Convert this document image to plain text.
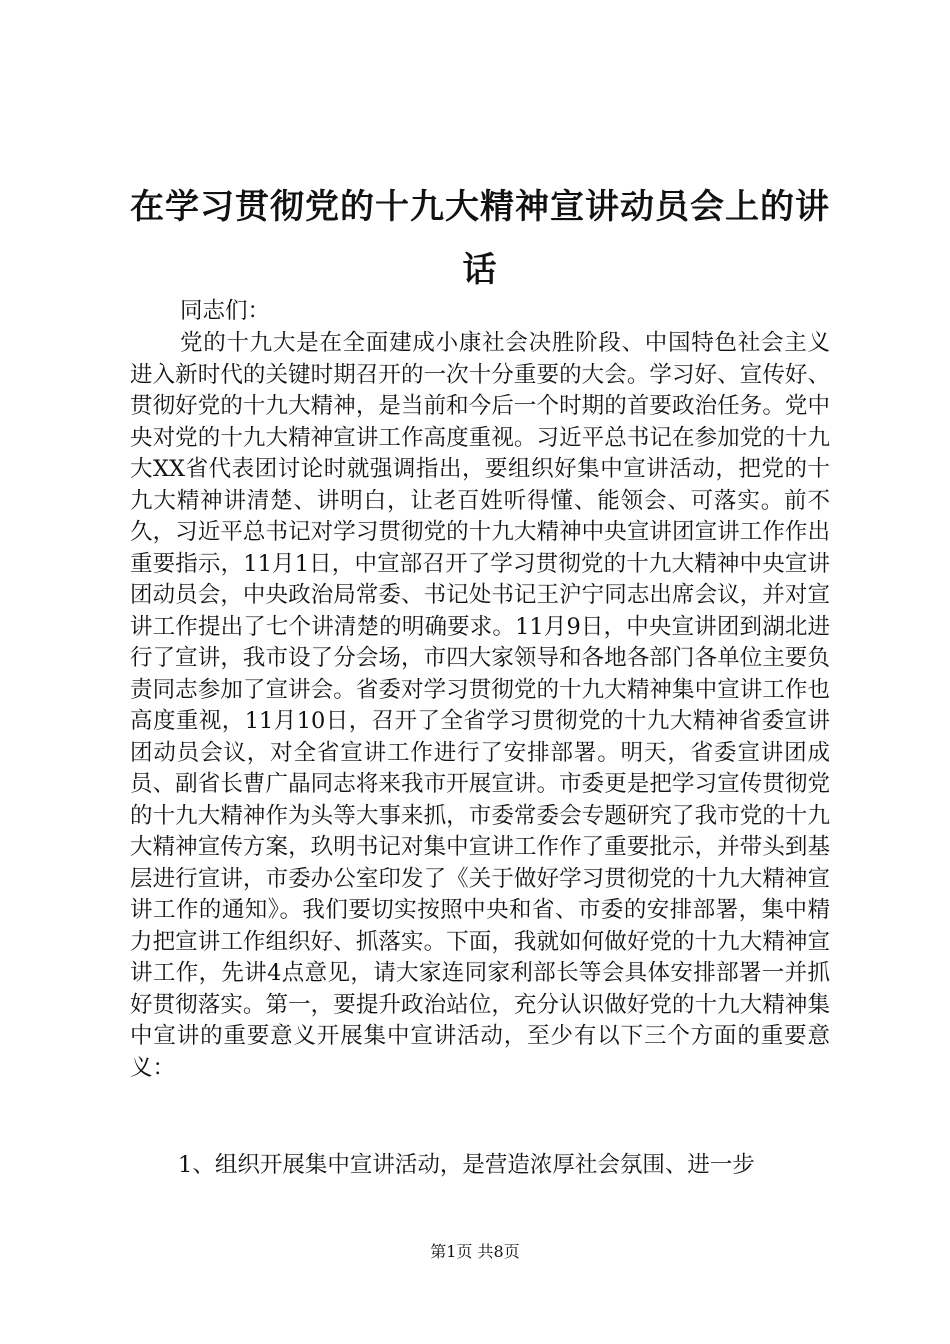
在学习贯彻党的十九大精神宣讲动员会上的讲
话
同志们：
党的十九大是在全面建成小康社会决胜阶段、中国特色社会主义进入新时代的关键时期召开的一次十分重要的大会。学习好、宣传好、贯彻好党的十九大精神，是当前和今后一个时期的首要政治任务。党中央对党的十九大精神宣讲工作高度重视。习近平总书记在参加党的十九大XX省代表团讨论时就强调指出，要组织好集中宣讲活动，把党的十九大精神讲清楚、讲明白，让老百姓听得懂、能领会、可落实。前不久，习近平总书记对学习贯彻党的十九大精神中央宣讲团宣讲工作作出重要指示，11月1日，中宣部召开了学习贯彻党的十九大精神中央宣讲团动员会，中央政治局常委、书记处书记王沪宁同志出席会议，并对宣讲工作提出了七个讲清楚的明确要求。11月9日，中央宣讲团到湖北进行了宣讲，我市设了分会场，市四大家领导和各地各部门各单位主要负责同志参加了宣讲会。省委对学习贯彻党的十九大精神集中宣讲工作也高度重视，11月10日，召开了全省学习贯彻党的十九大精神省委宣讲团动员会议，对全省宣讲工作进行了安排部署。明天，省委宣讲团成员、副省长曹广晶同志将来我市开展宣讲。市委更是把学习宣传贯彻党的十九大精神作为头等大事来抓，市委常委会专题研究了我市党的十九大精神宣传方案，玖明书记对集中宣讲工作作了重要批示，并带头到基层进行宣讲，市委办公室印发了《关于做好学习贯彻党的十九大精神宣讲工作的通知》。我们要切实按照中央和省、市委的安排部署，集中精力把宣讲工作组织好、抓落实。下面，我就如何做好党的十九大精神宣讲工作，先讲4点意见，请大家连同家利部长等会具体安排部署一并抓好贯彻落实。第一，要提升政治站位，充分认识做好党的十九大精神集中宣讲的重要意义开展集中宣讲活动，至少有以下三个方面的重要意义：
1、组织开展集中宣讲活动，是营造浓厚社会氛围、进一步
第1页 共8页
